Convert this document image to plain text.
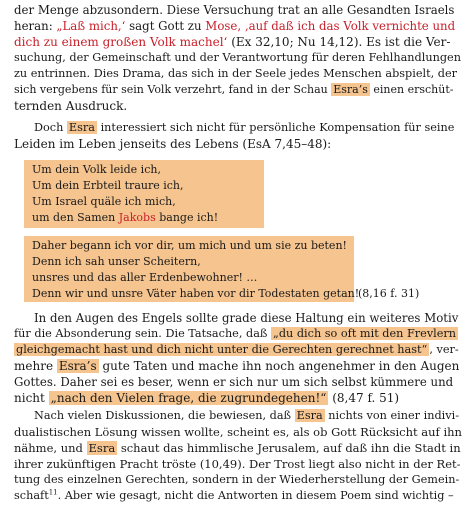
der Menge abzusondern. Diese Versuchung trat an alle Gesandten Israels
heran: „Laß mich,‘ sagt Gott zu Mose, ‚auf daß ich das Volk vernichte und
dich zu einem großen Volk machel‘ (Ex 32,10; Nu 14,12). Es ist die Ver-
suchung, der Gemeinschaft und der Verantwortung für deren Fehlhandlungen
zu entrinnen. Dies Drama, das sich in der Seele jedes Menschen abspielt, der
sich vergebens für sein Volk verzehrt, fand in der Schau Esra’s einen erschüt-
ternden Ausdruck.
Doch Esra interessiert sich nicht für persönliche Kompensation für seine
Leiden im Leben jenseits des Lebens (EsA 7,45–48):
Um dein Volk leide ich,
Um dein Erbteil traure ich,
Um Israel quäle ich mich,
um den Samen Jakobs bange ich!
Daher begann ich vor dir, um mich und um sie zu beten!
Denn ich sah unser Scheitern,
unsres und das aller Erdenbewohner! …
Denn wir und unsre Väter haben vor dir Todestaten getan!
(8,16 f. 31)
In den Augen des Engels sollte grade diese Haltung ein weiteres Motiv
für die Absonderung sein. Die Tatsache, daß „du dich so oft mit den Frevlern
gleichgemacht hast und dich nicht unter die Gerechten gerechnet hast“ , ver-
mehre Esra’s gute Taten und mache ihn noch angenehmer in den Augen
Gottes. Daher sei es beser, wenn er sich nur um sich selbst kümmere und
nicht „nach den Vielen frage, die zugrundegehen!“ (8,47 f. 51)
Nach vielen Diskussionen, die bewiesen, daß Esra nichts von einer indivi-
dualistischen Lösung wissen wollte, scheint es, als ob Gott Rücksicht auf ihn
nähme, und Esra schaut das himmlische Jerusalem, auf daß ihn die Stadt in
ihrer zukünftigen Pracht tröste (10,49). Der Trost liegt also nicht in der Ret-
tung des einzelnen Gerechten, sondern in der Wiederherstellung der Gemein-
schaft$^{11}$. Aber wie gesagt, nicht die Antworten in diesem Poem sind wichtig –
